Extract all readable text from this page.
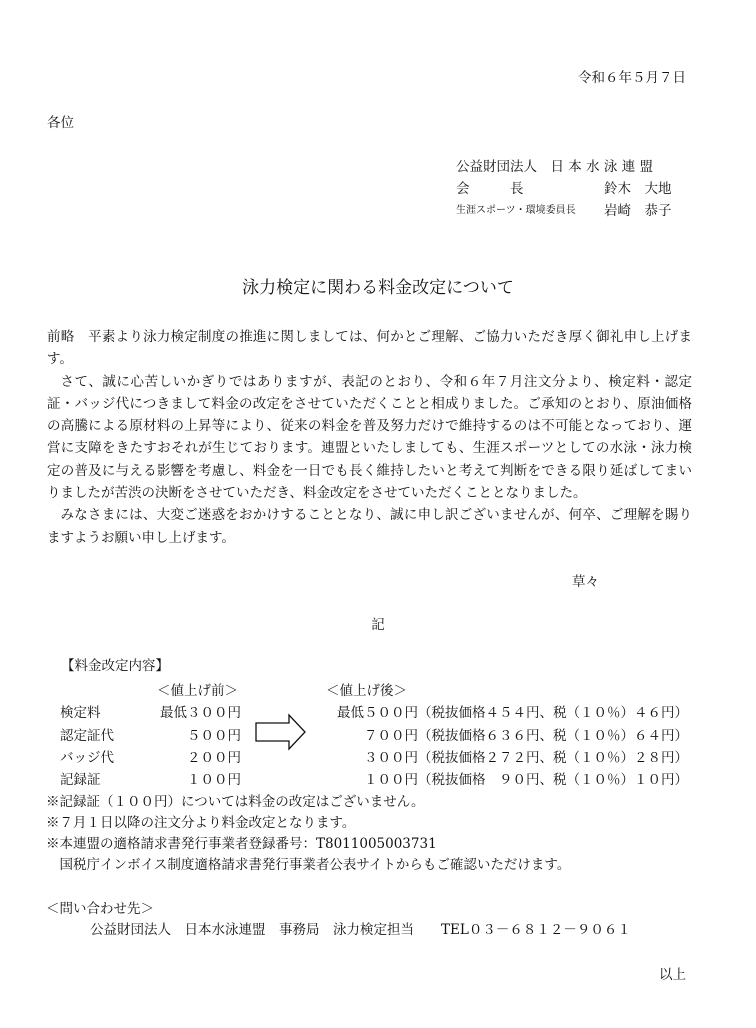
令和６年５月７日
各位
公益財団法人　日 本 水 泳 連 盟
会　　　長	鈴木　大地
生涯スポーツ・環境委員長 岩崎　恭子
泳力検定に関わる料金改定について

前略　平素より泳力検定制度の推進に関しましては、何かとご理解、ご協力いただき厚く御礼申し上げます。

さて、誠に心苦しいかぎりではありますが、表記のとおり、令和６年７月注文分より、検定料・認定証・バッジ代につきまして料金の改定をさせていただくことと相成りました。ご承知のとおり、原油価格の高騰による原材料の上昇等により、従来の料金を普及努力だけで維持するのは不可能となっており、運営に支障をきたすおそれが生じております。連盟といたしましても、生涯スポーツとしての水泳・泳力検定の普及に与える影響を考慮し、料金を一日でも長く維持したいと考えて判断をできる限り延ばしてまいりましたが苦渋の決断をさせていただき、料金改定をさせていただくこととなりました。

みなさまには、大変ご迷惑をおかけすることとなり、誠に申し訳ございませんが、何卒、ご理解を賜りますようお願い申し上げます。

草々
記
【料金改定内容】
＜値上げ前＞	＜値上げ後＞
検定料	最低３００円	最低５００円（税抜価格４５４円、税（１０％）４６円）
認定証代	５００円	７００円（税抜価格６３６円、税（１０％）６４円）
バッジ代	２００円	３００円（税抜価格２７２円、税（１０％）２８円）
記録証	１００円	１００円（税抜価格　９０円、税（１０％）１０円）
※記録証（１００円）については料金の改定はございません。
※７月１日以降の注文分より料金改定となります。
※本連盟の適格請求書発行事業者登録番号：T8011005003731
　国税庁インボイス制度適格請求書発行事業者公表サイトからもご確認いただけます。
＜問い合わせ先＞
公益財団法人　日本水泳連盟　事務局　泳力検定担当　　TEL０３－６８１２－９０６１
以上
